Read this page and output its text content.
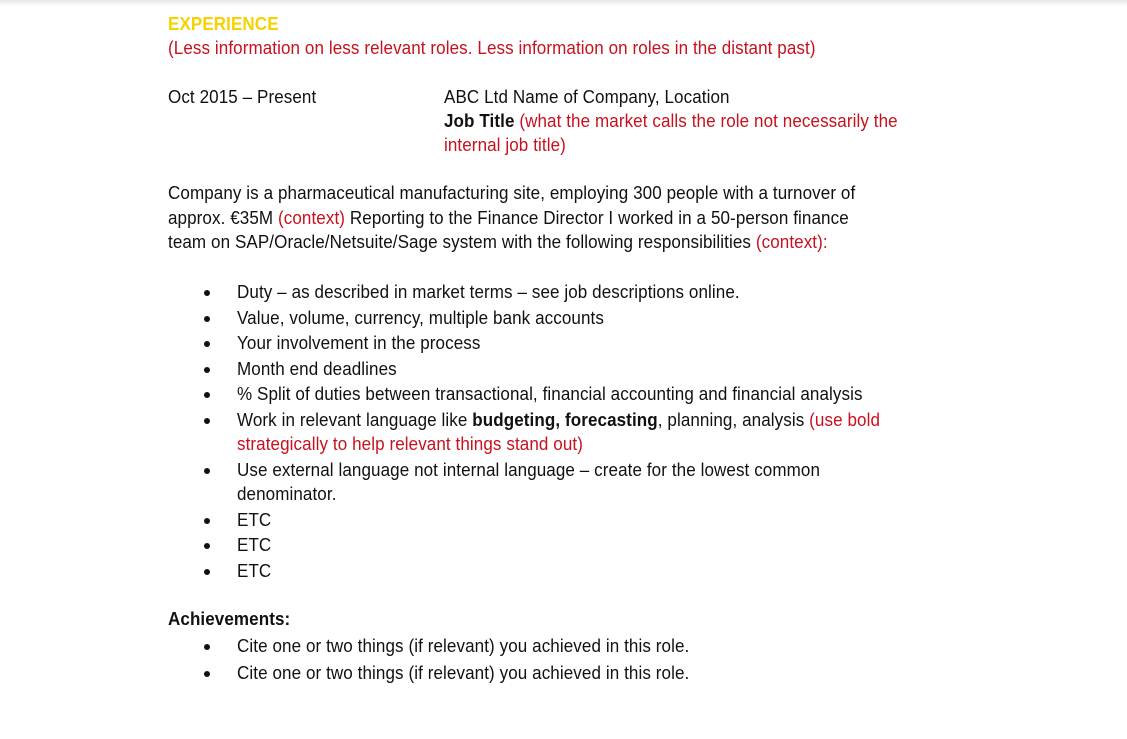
EXPERIENCE
(Less information on less relevant roles. Less information on roles in the distant past)
Oct 2015 – Present	ABC Ltd Name of Company, Location
Job Title (what the market calls the role not necessarily the
internal job title)
Company is a pharmaceutical manufacturing site, employing 300 people with a turnover of
approx. €35M (context) Reporting to the Finance Director I worked in a 50-person finance
team on SAP/Oracle/Netsuite/Sage system with the following responsibilities (context):
Duty – as described in market terms – see job descriptions online.
Value, volume, currency, multiple bank accounts
Your involvement in the process
Month end deadlines
% Split of duties between transactional, financial accounting and financial analysis
Work in relevant language like budgeting, forecasting, planning, analysis (use bold
strategically to help relevant things stand out)
Use external language not internal language – create for the lowest common
denominator.
ETC
ETC
ETC
Achievements:
Cite one or two things (if relevant) you achieved in this role.
Cite one or two things (if relevant) you achieved in this role.
